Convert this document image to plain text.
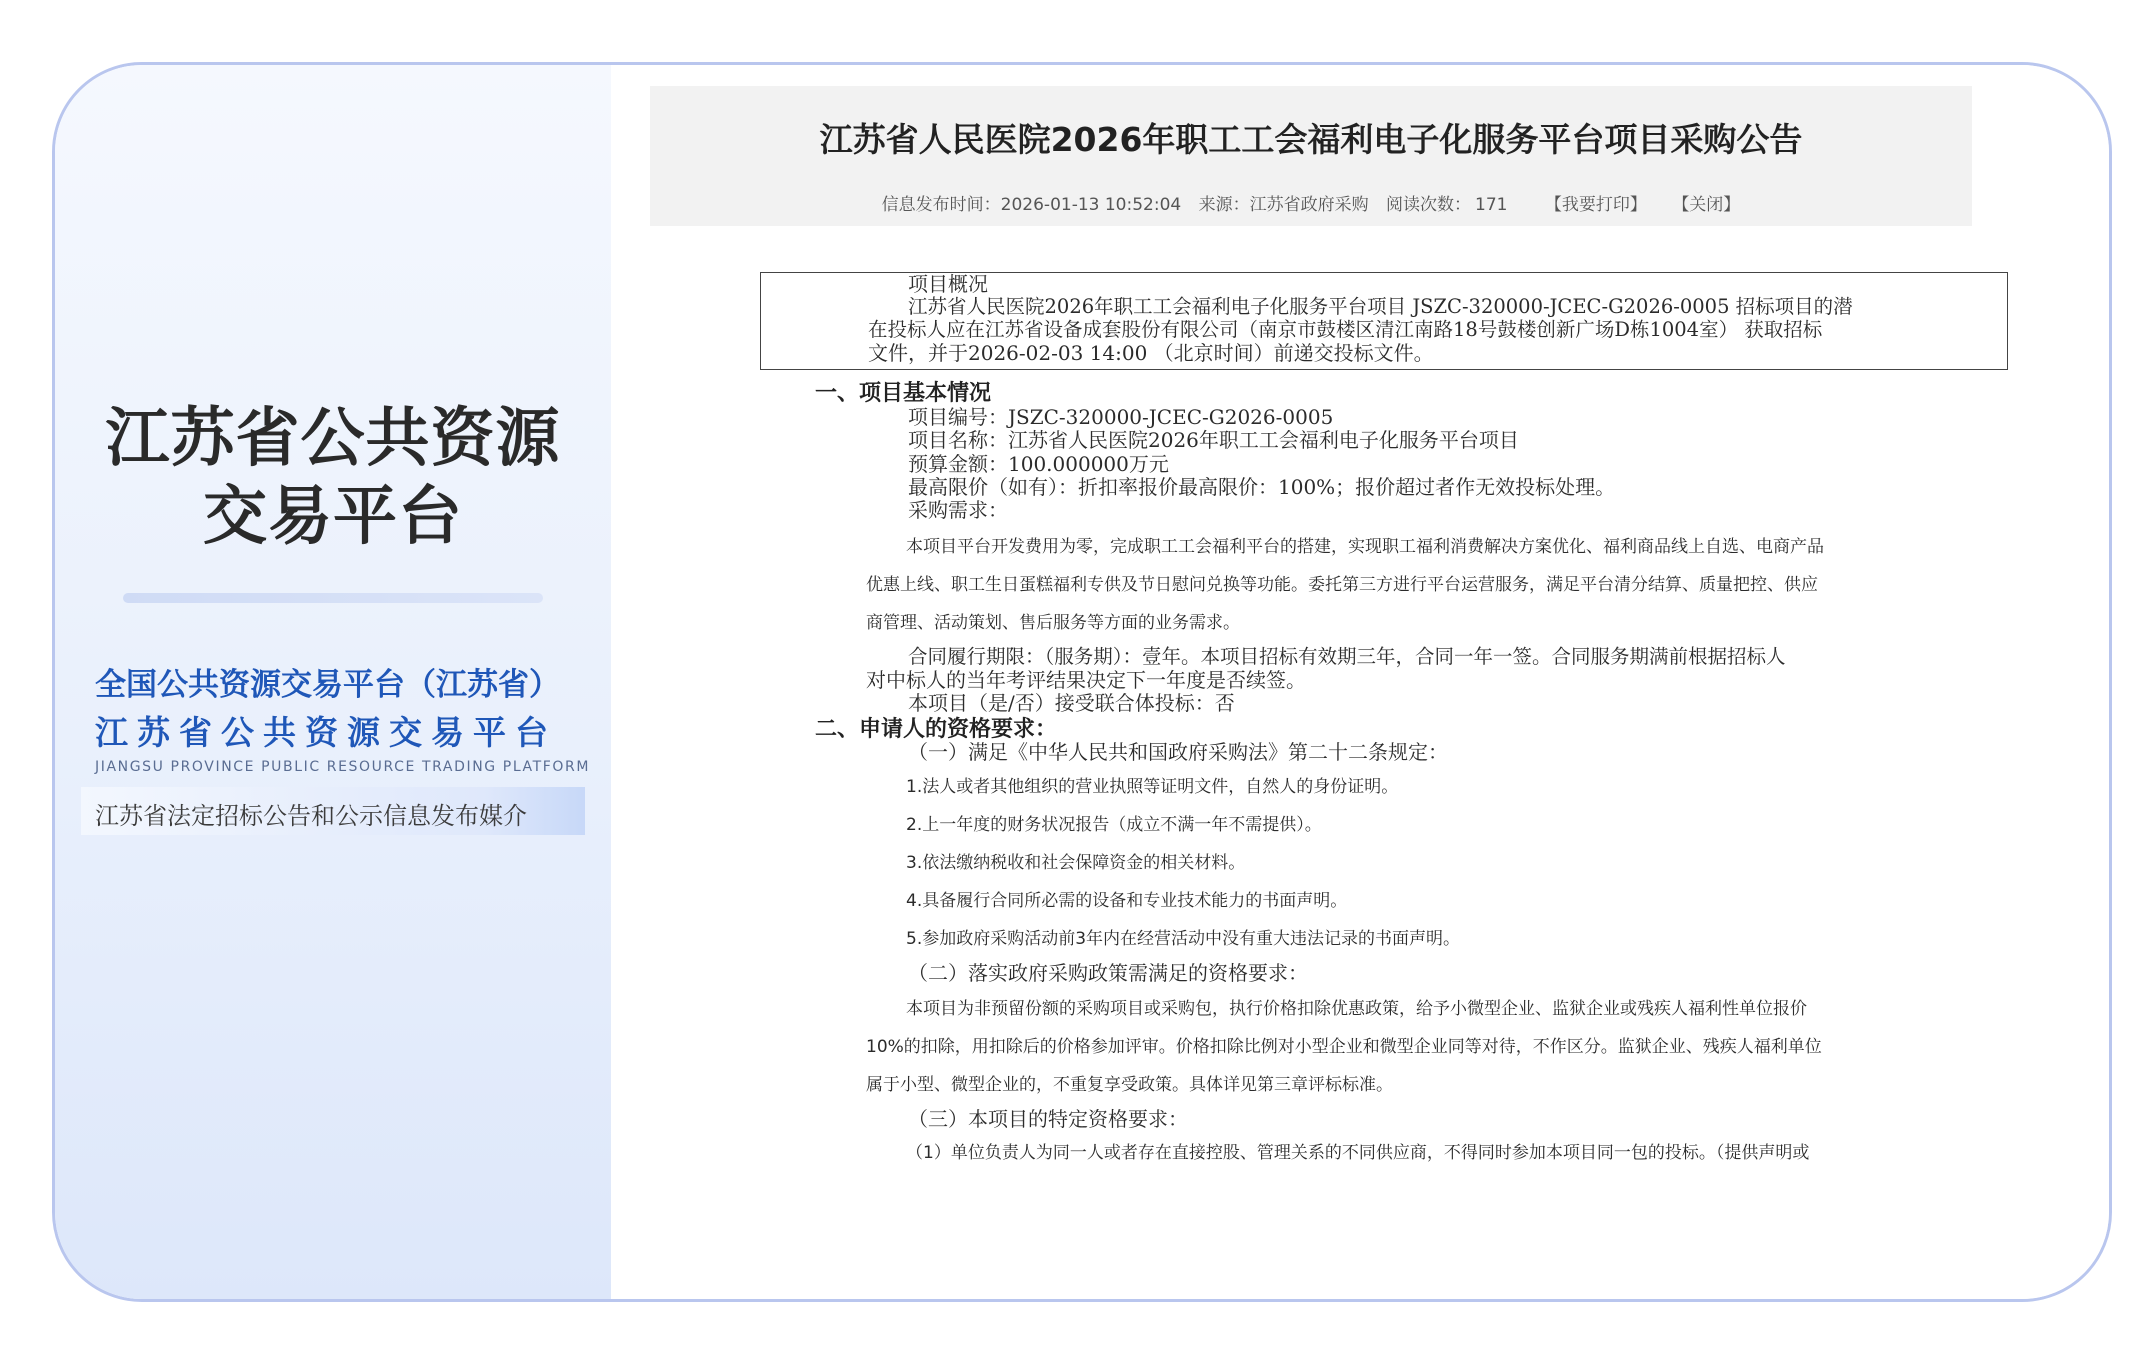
江苏省公共资源
交易平台
全国公共资源交易平台（江苏省）
江苏省公共资源交易平台
JIANGSU PROVINCE PUBLIC RESOURCE TRADING PLATFORM
江苏省法定招标公告和公示信息发布媒介
江苏省人民医院2026年职工工会福利电子化服务平台项目采购公告
信息发布时间：2026-01-13 10:52:04 来源：江苏省政府采购 阅读次数： 171 【我要打印】 【关闭】
项目概况
江苏省人民医院2026年职工工会福利电子化服务平台项目 JSZC-320000-JCEC-G2026-0005 招标项目的潜
在投标人应在江苏省设备成套股份有限公司（南京市鼓楼区清江南路18号鼓楼创新广场D栋1004室） 获取招标
文件，并于2026-02-03 14:00 （北京时间）前递交投标文件。
一、项目基本情况
项目编号：JSZC-320000-JCEC-G2026-0005
项目名称：江苏省人民医院2026年职工工会福利电子化服务平台项目
预算金额：100.000000万元
最高限价（如有）：折扣率报价最高限价：100%；报价超过者作无效投标处理。
采购需求：
本项目平台开发费用为零，完成职工工会福利平台的搭建，实现职工福利消费解决方案优化、福利商品线上自选、电商产品
优惠上线、职工生日蛋糕福利专供及节日慰问兑换等功能。委托第三方进行平台运营服务，满足平台清分结算、质量把控、供应
商管理、活动策划、售后服务等方面的业务需求。
合同履行期限：（服务期）：壹年。本项目招标有效期三年，合同一年一签。合同服务期满前根据招标人
对中标人的当年考评结果决定下一年度是否续签。
本项目（是/否）接受联合体投标：否
二、申请人的资格要求：
（一）满足《中华人民共和国政府采购法》第二十二条规定：
1.法人或者其他组织的营业执照等证明文件，自然人的身份证明。
2.上一年度的财务状况报告（成立不满一年不需提供）。
3.依法缴纳税收和社会保障资金的相关材料。
4.具备履行合同所必需的设备和专业技术能力的书面声明。
5.参加政府采购活动前3年内在经营活动中没有重大违法记录的书面声明。
（二）落实政府采购政策需满足的资格要求：
本项目为非预留份额的采购项目或采购包，执行价格扣除优惠政策，给予小微型企业、监狱企业或残疾人福利性单位报价
10%的扣除，用扣除后的价格参加评审。价格扣除比例对小型企业和微型企业同等对待，不作区分。监狱企业、残疾人福利单位
属于小型、微型企业的，不重复享受政策。具体详见第三章评标标准。
（三）本项目的特定资格要求：
（1）单位负责人为同一人或者存在直接控股、管理关系的不同供应商，不得同时参加本项目同一包的投标。（提供声明或
